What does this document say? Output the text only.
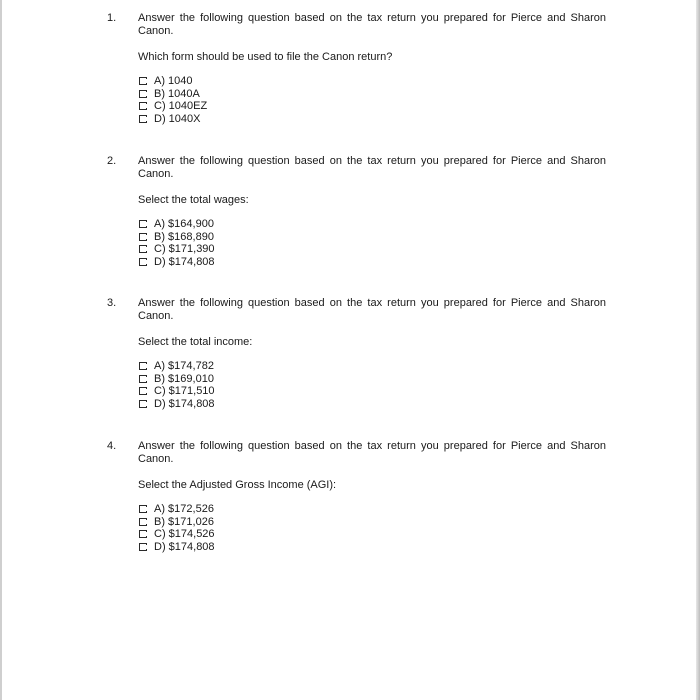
1. Answer the following question based on the tax return you prepared for Pierce and Sharon Canon.
Which form should be used to file the Canon return?
A) 1040
B) 1040A
C) 1040EZ
D) 1040X
2. Answer the following question based on the tax return you prepared for Pierce and Sharon Canon.
Select the total wages:
A) $164,900
B) $168,890
C) $171,390
D) $174,808
3. Answer the following question based on the tax return you prepared for Pierce and Sharon Canon.
Select the total income:
A) $174,782
B) $169,010
C) $171,510
D) $174,808
4. Answer the following question based on the tax return you prepared for Pierce and Sharon Canon.
Select the Adjusted Gross Income (AGI):
A) $172,526
B) $171,026
C) $174,526
D) $174,808
